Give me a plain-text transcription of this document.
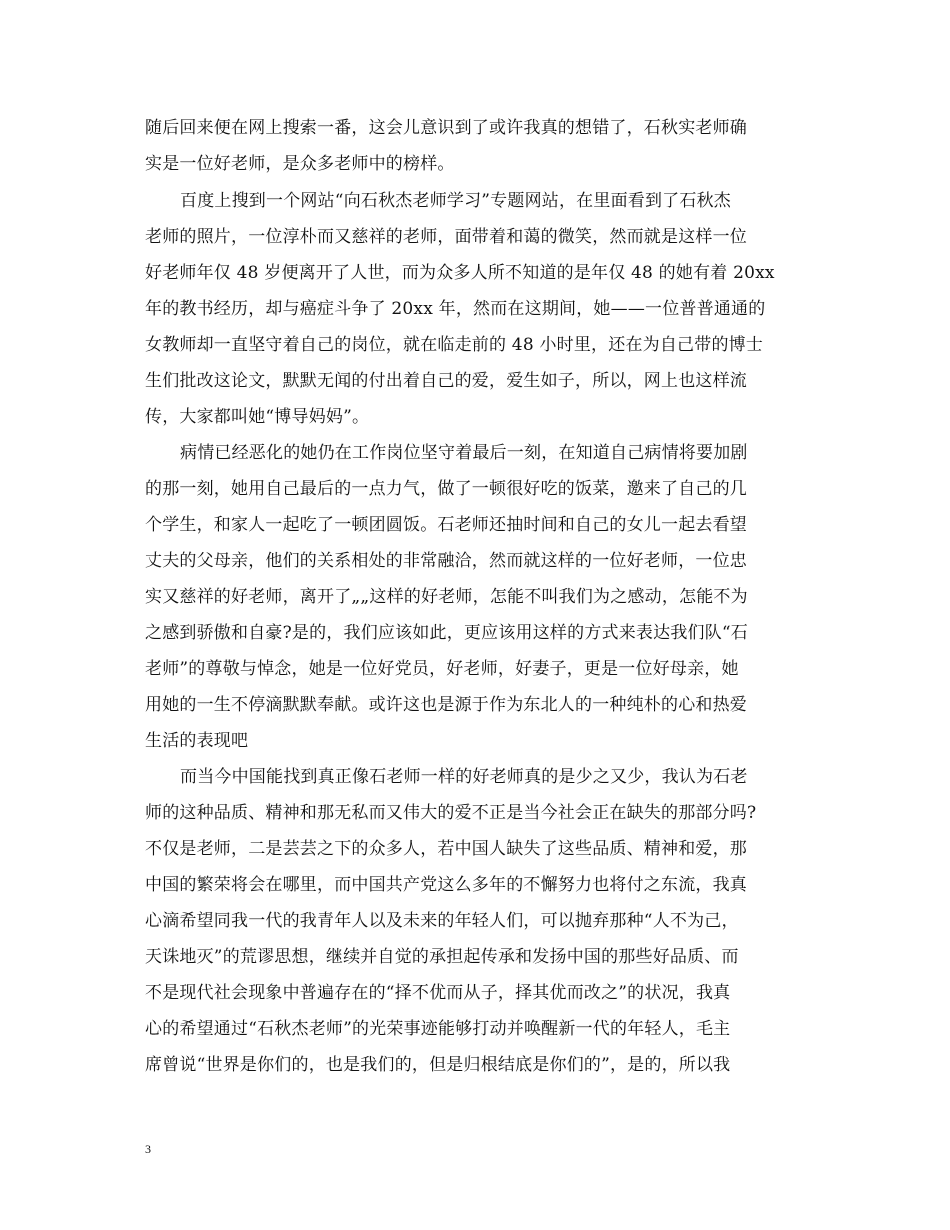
随后回来便在网上搜索一番，这会儿意识到了或许我真的想错了，石秋实老师确
实是一位好老师，是众多老师中的榜样。
百度上搜到一个网站“向石秋杰老师学习”专题网站，在里面看到了石秋杰
老师的照片，一位淳朴而又慈祥的老师，面带着和蔼的微笑，然而就是这样一位
好老师年仅 48 岁便离开了人世，而为众多人所不知道的是年仅 48 的她有着 20xx
年的教书经历，却与癌症斗争了 20xx 年，然而在这期间，她——一位普普通通的
女教师却一直坚守着自己的岗位，就在临走前的 48 小时里，还在为自己带的博士
生们批改这论文，默默无闻的付出着自己的爱，爱生如子，所以，网上也这样流
传，大家都叫她“博导妈妈”。
病情已经恶化的她仍在工作岗位坚守着最后一刻，在知道自己病情将要加剧
的那一刻，她用自己最后的一点力气，做了一顿很好吃的饭菜，邀来了自己的几
个学生，和家人一起吃了一顿团圆饭。石老师还抽时间和自己的女儿一起去看望
丈夫的父母亲，他们的关系相处的非常融洽，然而就这样的一位好老师，一位忠
实又慈祥的好老师，离开了„„这样的好老师，怎能不叫我们为之感动，怎能不为
之感到骄傲和自豪?是的，我们应该如此，更应该用这样的方式来表达我们队“石
老师”的尊敬与悼念，她是一位好党员，好老师，好妻子，更是一位好母亲，她
用她的一生不停滴默默奉献。或许这也是源于作为东北人的一种纯朴的心和热爱
生活的表现吧
而当今中国能找到真正像石老师一样的好老师真的是少之又少，我认为石老
师的这种品质、精神和那无私而又伟大的爱不正是当今社会正在缺失的那部分吗?
不仅是老师，二是芸芸之下的众多人，若中国人缺失了这些品质、精神和爱，那
中国的繁荣将会在哪里，而中国共产党这么多年的不懈努力也将付之东流，我真
心滴希望同我一代的我青年人以及未来的年轻人们，可以抛弃那种“人不为己，
天诛地灭”的荒谬思想，继续并自觉的承担起传承和发扬中国的那些好品质、而
不是现代社会现象中普遍存在的“择不优而从子，择其优而改之”的状况，我真
心的希望通过“石秋杰老师”的光荣事迹能够打动并唤醒新一代的年轻人，毛主
席曾说“世界是你们的，也是我们的，但是归根结底是你们的”，是的，所以我
3
